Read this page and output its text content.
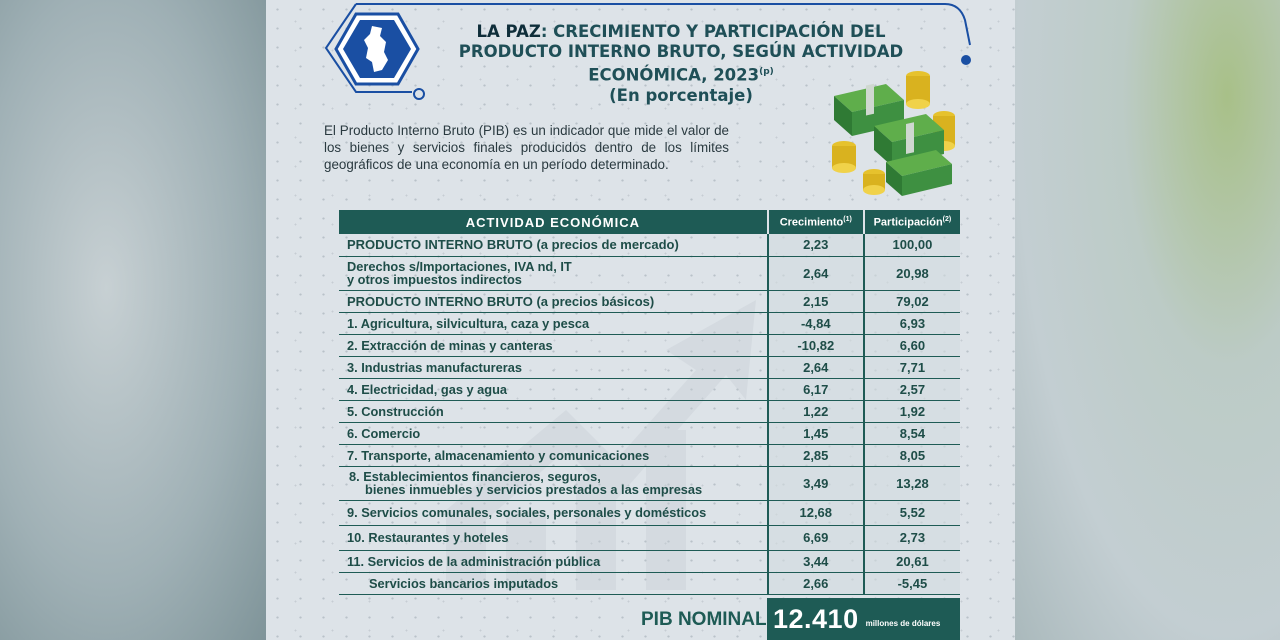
LA PAZ: CRECIMIENTO Y PARTICIPACIÓN DEL PRODUCTO INTERNO BRUTO, SEGÚN ACTIVIDAD ECONÓMICA, 2023$^{(p)}$
(En porcentaje)
El Producto Interno Bruto (PIB) es un indicador que mide el valor de los bienes y servicios finales producidos dentro de los límites geográficos de una economía en un período determinado.
ACTIVIDAD ECONÓMICA	Crecimiento$^{(1)}$	Participación$^{(2)}$

PRODUCTO INTERNO BRUTO (a precios de mercado)	2,23	100,00

Derechos s/Importaciones, IVA nd, IT
y otros impuestos indirectos	2,64	20,98

PRODUCTO INTERNO BRUTO (a precios básicos)	2,15	79,02

1. Agricultura, silvicultura, caza y pesca	-4,84	6,93

2. Extracción de minas y canteras	-10,82	6,60

3. Industrias manufactureras	2,64	7,71

4. Electricidad, gas y agua	6,17	2,57

5. Construcción	1,22	1,92

6. Comercio	1,45	8,54

7. Transporte, almacenamiento y comunicaciones	2,85	8,05

8. Establecimientos financieros, seguros,
bienes inmuebles y servicios prestados a las empresas	3,49	13,28

9. Servicios comunales, sociales, personales y domésticos	12,68	5,52

10. Restaurantes y hoteles	6,69	2,73

11. Servicios de la administración pública	3,44	20,61

Servicios bancarios imputados	2,66	-5,45
PIB NOMINAL 12.410 millones de dólares
